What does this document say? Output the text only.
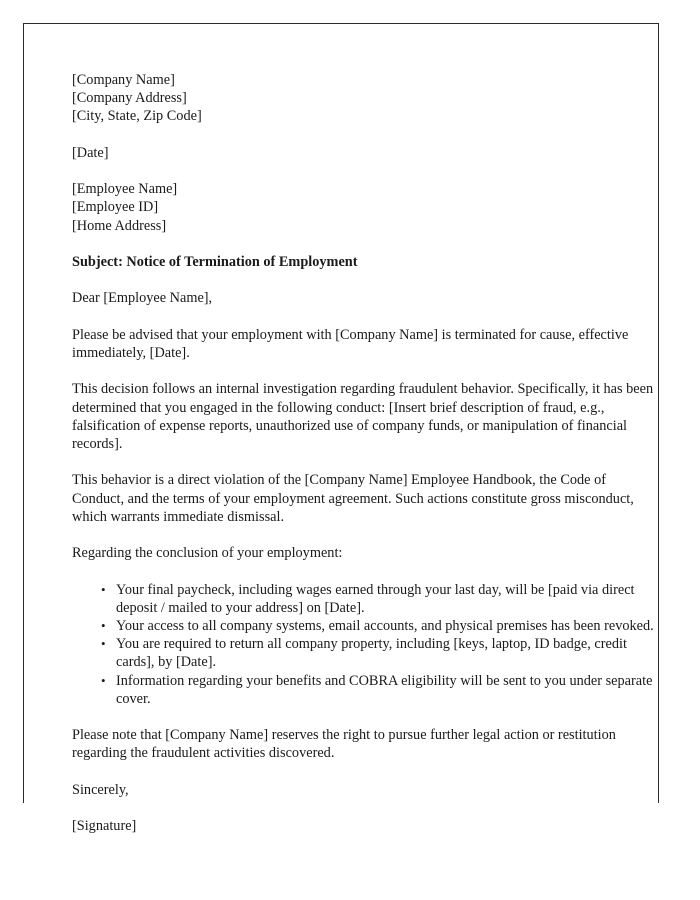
[Company Name]
[Company Address]
[City, State, Zip Code]
[Date]
[Employee Name]
[Employee ID]
[Home Address]
Subject: Notice of Termination of Employment

Dear [Employee Name],

Please be advised that your employment with [Company Name] is terminated for cause, effective immediately, [Date].

This decision follows an internal investigation regarding fraudulent behavior. Specifically, it has been determined that you engaged in the following conduct: [Insert brief description of fraud, e.g., falsification of expense reports, unauthorized use of company funds, or manipulation of financial records].

This behavior is a direct violation of the [Company Name] Employee Handbook, the Code of Conduct, and the terms of your employment agreement. Such actions constitute gross misconduct, which warrants immediate dismissal.

Regarding the conclusion of your employment:

• Your final paycheck, including wages earned through your last day, will be [paid via direct deposit / mailed to your address] on [Date].
• Your access to all company systems, email accounts, and physical premises has been revoked.
• You are required to return all company property, including [keys, laptop, ID badge, credit cards], by [Date].
• Information regarding your benefits and COBRA eligibility will be sent to you under separate cover.

Please note that [Company Name] reserves the right to pursue further legal action or restitution regarding the fraudulent activities discovered.

Sincerely,

[Signature]
